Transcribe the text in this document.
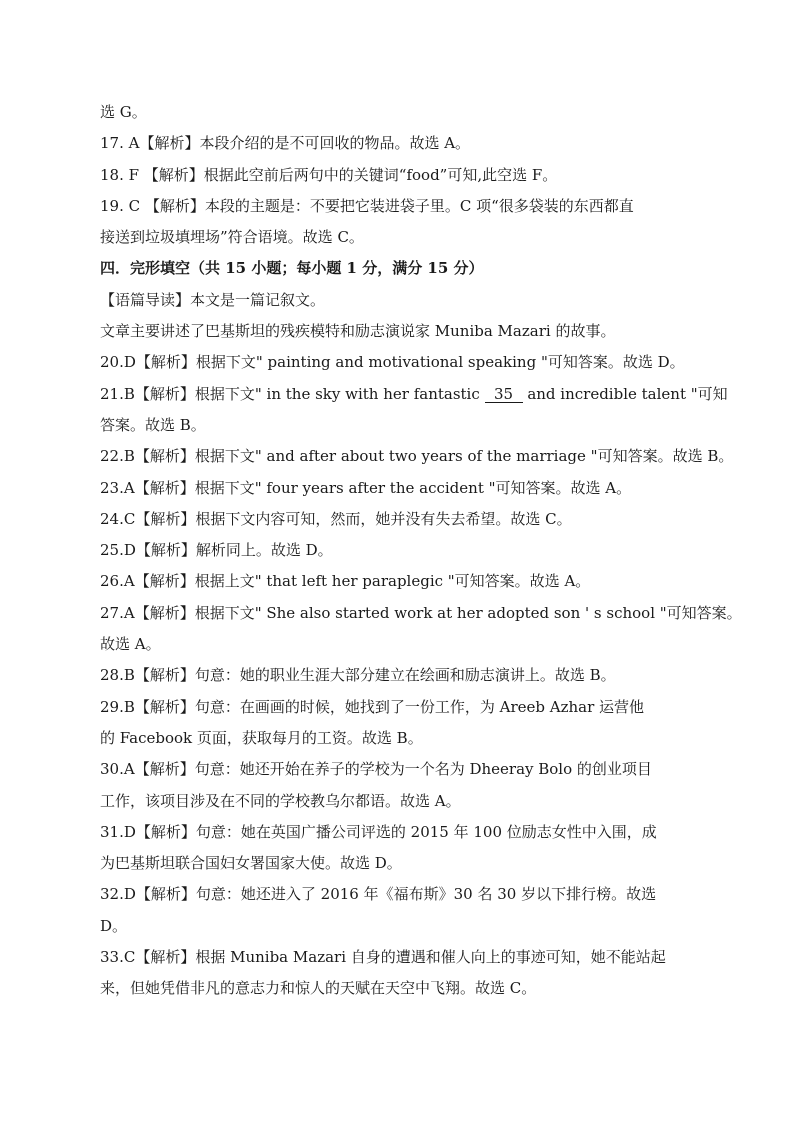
选 G。
17. A【解析】本段介绍的是不可回收的物品。故选 A。
18. F 【解析】根据此空前后两句中的关键词“food”可知,此空选 F。
19. C 【解析】本段的主题是：不要把它装进袋子里。C 项“很多袋装的东西都直
接送到垃圾填埋场”符合语境。故选 C。
四．完形填空（共 15 小题；每小题 1 分，满分 15 分）
【语篇导读】本文是一篇记叙文。
文章主要讲述了巴基斯坦的残疾模特和励志演说家 Muniba Mazari 的故事。
20.D【解析】根据下文" painting and motivational speaking "可知答案。故选 D。
21.B【解析】根据下文" in the sky with her fantastic 35 and incredible talent "可知
答案。故选 B。
22.B【解析】根据下文" and after about two years of the marriage "可知答案。故选 B。
23.A【解析】根据下文" four years after the accident "可知答案。故选 A。
24.C【解析】根据下文内容可知，然而，她并没有失去希望。故选 C。
25.D【解析】解析同上。故选 D。
26.A【解析】根据上文" that left her paraplegic "可知答案。故选 A。
27.A【解析】根据下文" She also started work at her adopted son ' s school "可知答案。
故选 A。
28.B【解析】句意：她的职业生涯大部分建立在绘画和励志演讲上。故选 B。
29.B【解析】句意：在画画的时候，她找到了一份工作，为 Areeb Azhar 运营他
的 Facebook 页面，获取每月的工资。故选 B。
30.A【解析】句意：她还开始在养子的学校为一个名为 Dheeray Bolo 的创业项目
工作，该项目涉及在不同的学校教乌尔都语。故选 A。
31.D【解析】句意：她在英国广播公司评选的 2015 年 100 位励志女性中入围，成
为巴基斯坦联合国妇女署国家大使。故选 D。
32.D【解析】句意：她还进入了 2016 年《福布斯》30 名 30 岁以下排行榜。故选
D。
33.C【解析】根据 Muniba Mazari 自身的遭遇和催人向上的事迹可知，她不能站起
来，但她凭借非凡的意志力和惊人的天赋在天空中飞翔。故选 C。
